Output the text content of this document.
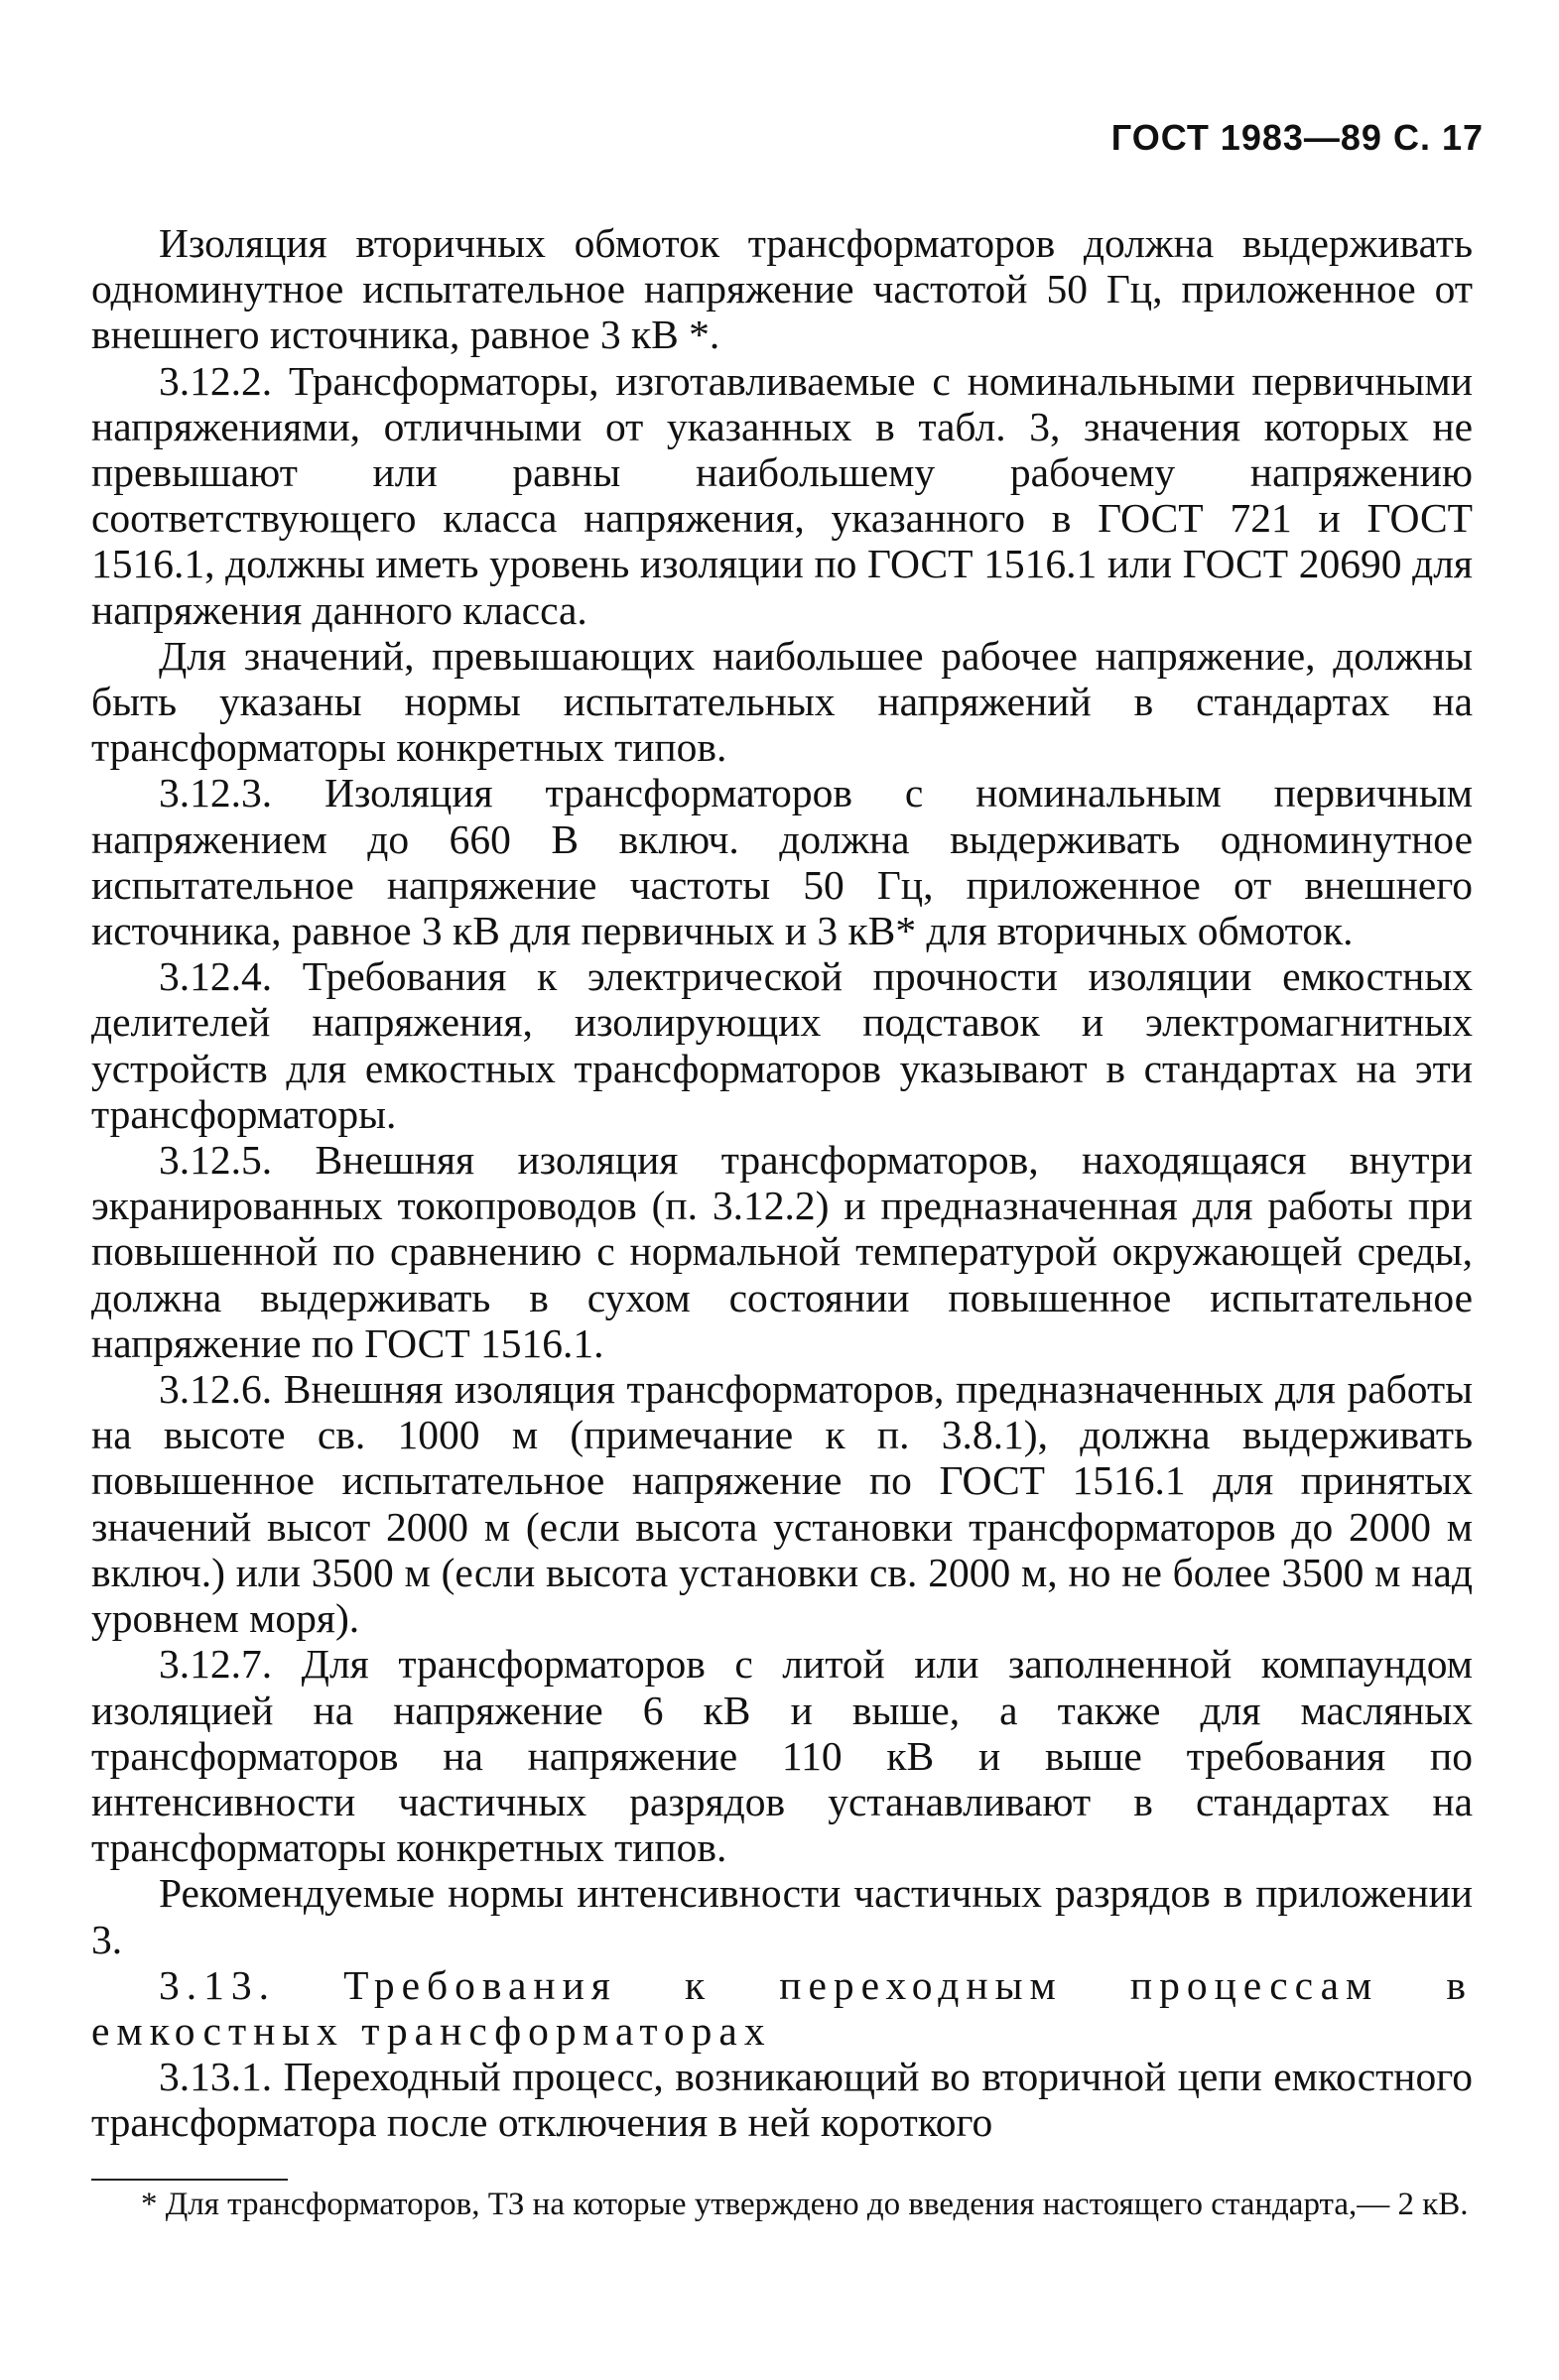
ГОСТ 1983—89 С. 17

Изоляция вторичных обмоток трансформаторов должна выдерживать одноминутное испытательное напряжение частотой 50 Гц, приложенное от внешнего источника, равное 3 кВ *.

3.12.2. Трансформаторы, изготавливаемые с номинальными первичными напряжениями, отличными от указанных в табл. 3, значения которых не превышают или равны наибольшему рабочему напряжению соответствующего класса напряжения, указанного в ГОСТ 721 и ГОСТ 1516.1, должны иметь уровень изоляции по ГОСТ 1516.1 или ГОСТ 20690 для напряжения данного класса.

Для значений, превышающих наибольшее рабочее напряжение, должны быть указаны нормы испытательных напряжений в стандартах на трансформаторы конкретных типов.

3.12.3. Изоляция трансформаторов с номинальным первичным напряжением до 660 В включ. должна выдерживать одноминутное испытательное напряжение частоты 50 Гц, приложенное от внешнего источника, равное 3 кВ для первичных и 3 кВ* для вторичных обмоток.

3.12.4. Требования к электрической прочности изоляции емкостных делителей напряжения, изолирующих подставок и электромагнитных устройств для емкостных трансформаторов указывают в стандартах на эти трансформаторы.

3.12.5. Внешняя изоляция трансформаторов, находящаяся внутри экранированных токопроводов (п. 3.12.2) и предназначенная для работы при повышенной по сравнению с нормальной температурой окружающей среды, должна выдерживать в сухом состоянии повышенное испытательное напряжение по ГОСТ 1516.1.

3.12.6. Внешняя изоляция трансформаторов, предназначенных для работы на высоте св. 1000 м (примечание к п. 3.8.1), должна выдерживать повышенное испытательное напряжение по ГОСТ 1516.1 для принятых значений высот 2000 м (если высота установки трансформаторов до 2000 м включ.) или 3500 м (если высота установки св. 2000 м, но не более 3500 м над уровнем моря).

3.12.7. Для трансформаторов с литой или заполненной компаундом изоляцией на напряжение 6 кВ и выше, а также для масляных трансформаторов на напряжение 110 кВ и выше требования по интенсивности частичных разрядов устанавливают в стандартах на трансформаторы конкретных типов.

Рекомендуемые нормы интенсивности частичных разрядов в приложении 3.

3.13. Требования к переходным процессам в емкостных трансформаторах

3.13.1. Переходный процесс, возникающий во вторичной цепи емкостного трансформатора после отключения в ней короткого

* Для трансформаторов, ТЗ на которые утверждено до введения настоящего стандарта,— 2 кВ.
